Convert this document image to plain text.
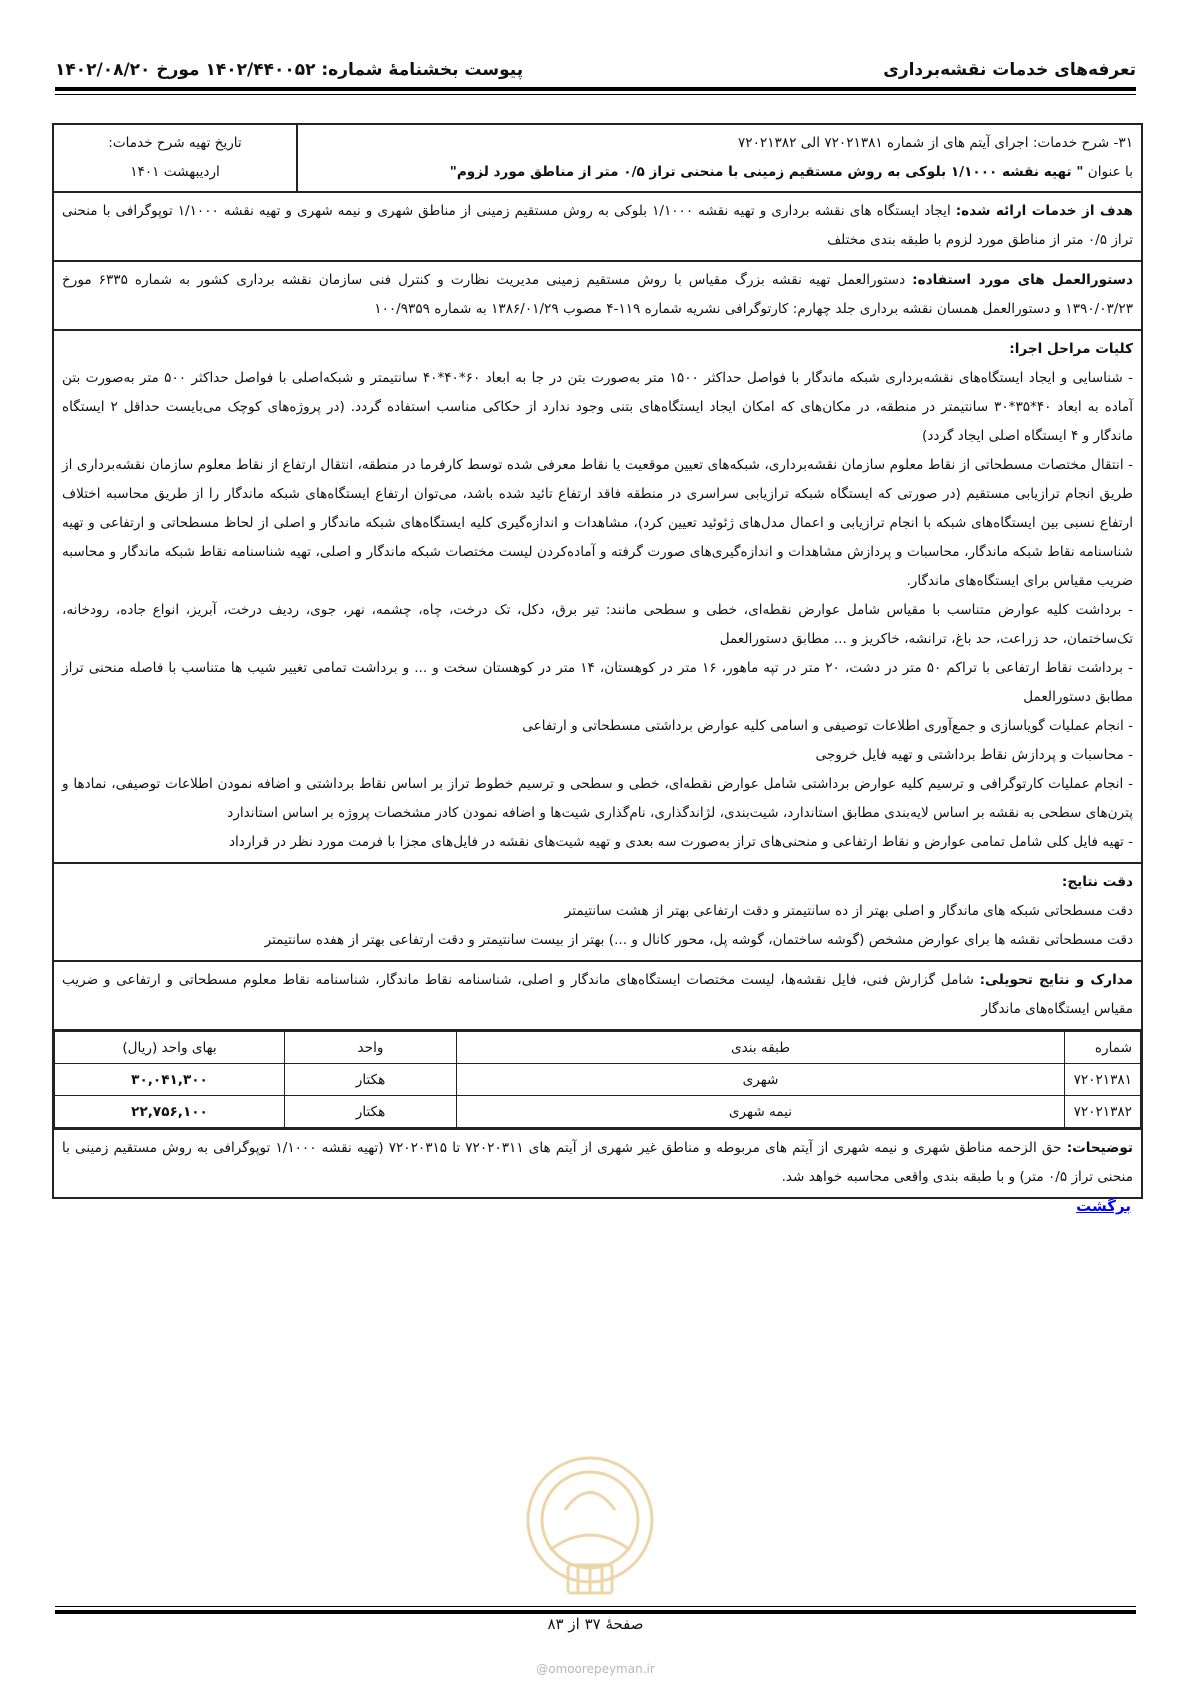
تعرفه‌های خدمات نقشه‌برداری
پیوست بخشنامهٔ شماره: ۱۴۰۲/۴۴۰۰۵۲ مورخ ۱۴۰۲/۰۸/۲۰
۳۱- شرح خدمات: اجرای آیتم های از شماره ۷۲۰۲۱۳۸۱ الی ۷۲۰۲۱۳۸۲
با عنوان " تهیه نقشه ۱/۱۰۰۰ بلوکی به روش مستقیم زمینی با منحنی تراز ۰/۵ متر از مناطق مورد لزوم"
تاریخ تهیه شرح خدمات:
اردیبهشت ۱۴۰۱
هدف از خدمات ارائه شده: ایجاد ایستگاه های نقشه برداری و تهیه نقشه ۱/۱۰۰۰ بلوکی به روش مستقیم زمینی از مناطق شهری و نیمه شهری و تهیه نقشه ۱/۱۰۰۰ توپوگرافی با منحنی تراز ۰/۵ متر از مناطق مورد لزوم با طبقه بندی مختلف
دستورالعمل های مورد استفاده: دستورالعمل تهیه نقشه بزرگ مقیاس با روش مستقیم زمینی مدیریت نظارت و کنترل فنی سازمان نقشه برداری کشور به شماره ۶۳۳۵ مورخ ۱۳۹۰/۰۳/۲۳ و دستورالعمل همسان نقشه برداری جلد چهارم: کارتوگرافی نشریه شماره ۱۱۹-۴ مصوب ۱۳۸۶/۰۱/۲۹ به شماره ۱۰۰/۹۳۵۹
کلیات مراحل اجرا:
- شناسایی و ایجاد ایستگاه‌های نقشه‌برداری شبکه ماندگار با فواصل حداکثر ۱۵۰۰ متر به‌صورت بتن در جا به ابعاد ۶۰*۴۰*۴۰ سانتیمتر و شبکه‌اصلی با فواصل حداکثر ۵۰۰ متر به‌صورت بتن آماده به ابعاد ۴۰*۳۵*۳۰ سانتیمتر در منطقه، در مکان‌های که امکان ایجاد ایستگاه‌های بتنی وجود ندارد از حکاکی مناسب استفاده گردد. (در پروژه‌های کوچک می‌بایست حداقل ۲ ایستگاه ماندگار و ۴ ایستگاه اصلی ایجاد گردد)
- انتقال مختصات مسطحاتی از نقاط معلوم سازمان نقشه‌برداری، شبکه‌های تعیین موقعیت یا نقاط معرفی شده توسط کارفرما در منطقه، انتقال ارتفاع از نقاط معلوم سازمان نقشه‌برداری از طریق انجام ترازیابی مستقیم (در صورتی که ایستگاه شبکه ترازیابی سراسری در منطقه فاقد ارتفاع تائید شده باشد، می‌توان ارتفاع ایستگاه‌های شبکه ماندگار را از طریق محاسبه اختلاف ارتفاع نسبی بین ایستگاه‌های شبکه با انجام ترازیابی و اعمال مدل‌های ژئوئید تعیین کرد)، مشاهدات و اندازه‌گیری کلیه ایستگاه‌های شبکه ماندگار و اصلی از لحاظ مسطحاتی و ارتفاعی و تهیه شناسنامه نقاط شبکه ماندگار، محاسبات و پردازش مشاهدات و اندازه‌گیری‌های صورت گرفته و آماده‌کردن لیست مختصات شبکه ماندگار و اصلی، تهیه شناسنامه نقاط شبکه ماندگار و محاسبه ضریب مقیاس برای ایستگاه‌های ماندگار.
- برداشت کلیه عوارض متناسب با مقیاس شامل عوارض نقطه‌ای، خطی و سطحی مانند: تیر برق، دکل، تک درخت، چاه، چشمه، نهر، جوی، ردیف درخت، آبریز، انواع جاده، رودخانه، تک‌ساختمان، حد زراعت، حد باغ، ترانشه، خاکریز و ... مطابق دستورالعمل
- برداشت نقاط ارتفاعی با تراکم ۵۰ متر در دشت، ۲۰ متر در تپه ماهور، ۱۶ متر در کوهستان، ۱۴ متر در کوهستان سخت و ... و برداشت تمامی تغییر شیب ها متناسب با فاصله منحنی تراز مطابق دستورالعمل
- انجام عملیات گویاسازی و جمع‌آوری اطلاعات توصیفی و اسامی کلیه عوارض برداشتی مسطحاتی و ارتفاعی
- محاسبات و پردازش نقاط برداشتی و تهیه فایل خروجی
- انجام عملیات کارتوگرافی و ترسیم کلیه عوارض برداشتی شامل عوارض نقطه‌ای، خطی و سطحی و ترسیم خطوط تراز بر اساس نقاط برداشتی و اضافه نمودن اطلاعات توصیفی، نمادها و پترن‌های سطحی به نقشه بر اساس لایه‌بندی مطابق استاندارد، شیت‌بندی، لژاندگذاری، نام‌گذاری شیت‌ها و اضافه نمودن کادر مشخصات پروژه بر اساس استاندارد
- تهیه فایل کلی شامل تمامی عوارض و نقاط ارتفاعی و منحنی‌های تراز به‌صورت سه بعدی و تهیه شیت‌های نقشه در فایل‌های مجزا با فرمت مورد نظر در قرارداد
دقت نتایج:
دقت مسطحاتی شبکه های ماندگار و اصلی بهتر از ده سانتیمتر و دقت ارتفاعی بهتر از هشت سانتیمتر
دقت مسطحاتی نقشه ها برای عوارض مشخص (گوشه ساختمان، گوشه پل، محور کانال و ...) بهتر از بیست سانتیمتر و دقت ارتفاعی بهتر از هفده سانتیمتر
مدارک و نتایج تحویلی: شامل گزارش فنی، فایل نقشه‌ها، لیست مختصات ایستگاه‌های ماندگار و اصلی، شناسنامه نقاط ماندگار، شناسنامه نقاط معلوم مسطحاتی و ارتفاعی و ضریب مقیاس ایستگاه‌های ماندگار
شماره	طبقه بندی	واحد	بهای واحد (ریال)
۷۲۰۲۱۳۸۱	شهری	هکتار	۳۰,۰۴۱,۳۰۰
۷۲۰۲۱۳۸۲	نیمه شهری	هکتار	۲۲,۷۵۶,۱۰۰
توضیحات: حق الزحمه مناطق شهری و نیمه شهری از آیتم های مربوطه و مناطق غیر شهری از آیتم های ۷۲۰۲۰۳۱۱ تا ۷۲۰۲۰۳۱۵ (تهیه نقشه ۱/۱۰۰۰ توپوگرافی به روش مستقیم زمینی با منحنی تراز ۰/۵ متر) و با طبقه بندی واقعی محاسبه خواهد شد.
برگشت
صفحهٔ ۳۷ از ۸۳
@omoorepeyman.ir
